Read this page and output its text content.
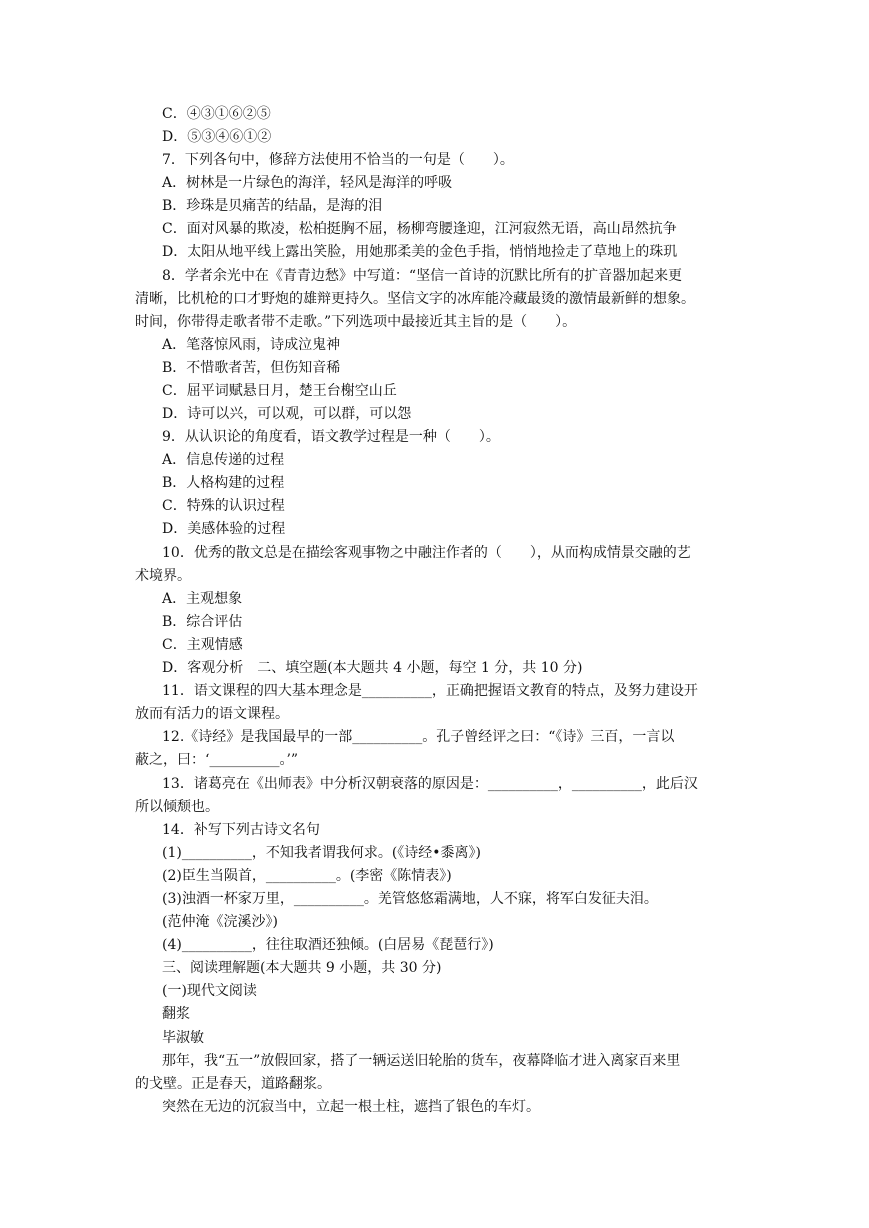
C．④③①⑥②⑤
D．⑤③④⑥①②
7．下列各句中，修辞方法使用不恰当的一句是（　　）。
A．树林是一片绿色的海洋，轻风是海洋的呼吸
B．珍珠是贝痛苦的结晶，是海的泪
C．面对风暴的欺凌，松柏挺胸不屈，杨柳弯腰逢迎，江河寂然无语，高山昂然抗争
D．太阳从地平线上露出笑脸，用她那柔美的金色手指，悄悄地捡走了草地上的珠玑
8．学者余光中在《青青边愁》中写道：“坚信一首诗的沉默比所有的扩音器加起来更
清晰，比机枪的口才野炮的雄辩更持久。坚信文字的冰库能冷藏最烫的激情最新鲜的想象。
时间，你带得走歌者带不走歌。”下列选项中最接近其主旨的是（　　）。
A．笔落惊风雨，诗成泣鬼神
B．不惜歌者苦，但伤知音稀
C．屈平词赋悬日月，楚王台榭空山丘
D．诗可以兴，可以观，可以群，可以怨
9．从认识论的角度看，语文教学过程是一种（　　）。
A．信息传递的过程
B．人格构建的过程
C．特殊的认识过程
D．美感体验的过程
10．优秀的散文总是在描绘客观事物之中融注作者的（　　），从而构成情景交融的艺
术境界。
A．主观想象
B．综合评估
C．主观情感
D．客观分析　二、填空题(本大题共 4 小题，每空 1 分，共 10 分)
11．语文课程的四大基本理念是__________，正确把握语文教育的特点，及努力建设开
放而有活力的语文课程。
12.《诗经》是我国最早的一部__________。孔子曾经评之曰：“《诗》三百，一言以
蔽之，曰：‘__________。’”
13．诸葛亮在《出师表》中分析汉朝衰落的原因是：__________，__________，此后汉
所以倾颓也。
14．补写下列古诗文名句
(1)__________，不知我者谓我何求。(《诗经•黍离》)
(2)臣生当陨首，__________。(李密《陈情表》)
(3)浊酒一杯家万里，__________。羌管悠悠霜满地，人不寐，将军白发征夫泪。
(范仲淹《浣溪沙》)
(4)__________，往往取酒还独倾。(白居易《琵琶行》)
三、阅读理解题(本大题共 9 小题，共 30 分)
(一)现代文阅读
翻浆
毕淑敏
那年，我“五一”放假回家，搭了一辆运送旧轮胎的货车，夜幕降临才进入离家百来里
的戈壁。正是春天，道路翻浆。
突然在无边的沉寂当中，立起一根土柱，遮挡了银色的车灯。
